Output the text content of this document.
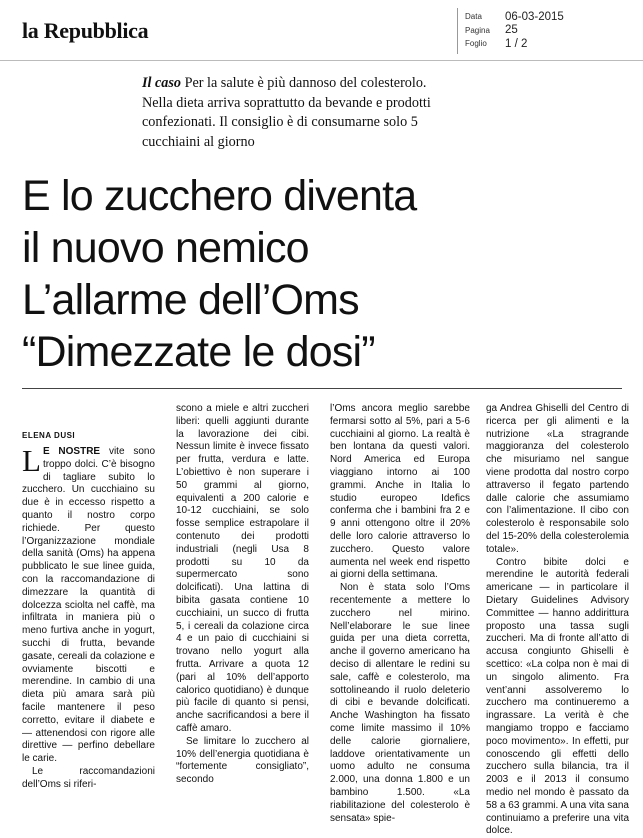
la Repubblica
Data	06-03-2015
Pagina	25
Foglio	1 / 2
Il caso Per la salute è più dannoso del colesterolo. Nella dieta arriva soprattutto da bevande e prodotti confezionati. Il consiglio è di consumarne solo 5 cucchiaini al giorno
E lo zucchero diventa
il nuovo nemico
L’allarme dell’Oms
“Dimezzate le dosi”
ELENA DUSI

L E NOSTRE vite sono troppo dolci. C’è bisogno di tagliare subito lo zucchero. Un cucchiaino su due è in eccesso rispetto a quanto il nostro corpo richiede. Per questo l’Organizzazione mondiale della sanità (Oms) ha appena pubblicato le sue linee guida, con la raccomandazione di dimezzare la quantità di dolcezza sciolta nel caffè, ma infiltrata in maniera più o meno furtiva anche in yogurt, succhi di frutta, bevande gasate, cereali da colazione e ovviamente biscotti e merendine. In cambio di una dieta più amara sarà più facile mantenere il peso corretto, evitare il diabete e — attenendosi con rigore alle direttive — perfino debellare le carie.

Le raccomandazioni dell’Oms si riferi-

scono a miele e altri zuccheri liberi: quelli aggiunti durante la lavorazione dei cibi. Nessun limite è invece fissato per frutta, verdura e latte. L’obiettivo è non superare i 50 grammi al giorno, equivalenti a 200 calorie e 10-12 cucchiaini, se solo fosse semplice estrapolare il contenuto dei prodotti industriali (negli Usa 8 prodotti su 10 da supermercato sono dolcificati). Una lattina di bibita gasata contiene 10 cucchiaini, un succo di frutta 5, i cereali da colazione circa 4 e un paio di cucchiaini si trovano nello yogurt alla frutta. Arrivare a quota 12 (pari al 10% dell’apporto calorico quotidiano) è dunque più facile di quanto si pensi, anche sacrificandosi a bere il caffè amaro.

Se limitare lo zucchero al 10% dell’energia quotidiana è “fortemente consigliato”, secondo

l’Oms ancora meglio sarebbe fermarsi sotto al 5%, pari a 5-6 cucchiaini al giorno. La realtà è ben lontana da questi valori. Nord America ed Europa viaggiano intorno ai 100 grammi. Anche in Italia lo studio europeo Idefics conferma che i bambini fra 2 e 9 anni ottengono oltre il 20% delle loro calorie attraverso lo zucchero. Questo valore aumenta nel week end rispetto ai giorni della settimana.

Non è stata solo l’Oms recentemente a mettere lo zucchero nel mirino. Nell’elaborare le sue linee guida per una dieta corretta, anche il governo americano ha deciso di allentare le redini su sale, caffè e colesterolo, ma sottolineando il ruolo deleterio di cibi e bevande dolcificati. Anche Washington ha fissato come limite massimo il 10% delle calorie giornaliere, laddove orientativamente un uomo adulto ne consuma 2.000, una donna 1.800 e un bambino 1.500. «La riabilitazione del colesterolo è sensata» spie-

ga Andrea Ghiselli del Centro di ricerca per gli alimenti e la nutrizione «La stragrande maggioranza del colesterolo che misuriamo nel sangue viene prodotta dal nostro corpo attraverso il fegato partendo dalle calorie che assumiamo con l’alimentazione. Il cibo con colesterolo è responsabile solo del 15-20% della colesterolemia totale».

Contro bibite dolci e merendine le autorità federali americane — in particolare il Dietary Guidelines Advisory Committee — hanno addirittura proposto una tassa sugli zuccheri. Ma di fronte all’atto di accusa congiunto Ghiselli è scettico: «La colpa non è mai di un singolo alimento. Fra vent’anni assolveremo lo zucchero ma continueremo a ingrassare. La verità è che mangiamo troppo e facciamo poco movimento». In effetti, pur conoscendo gli effetti dello zucchero sulla bilancia, tra il 2003 e il 2013 il consumo medio nel mondo è passato da 58 a 63 grammi. A una vita sana continuiamo a preferire una vita dolce.
